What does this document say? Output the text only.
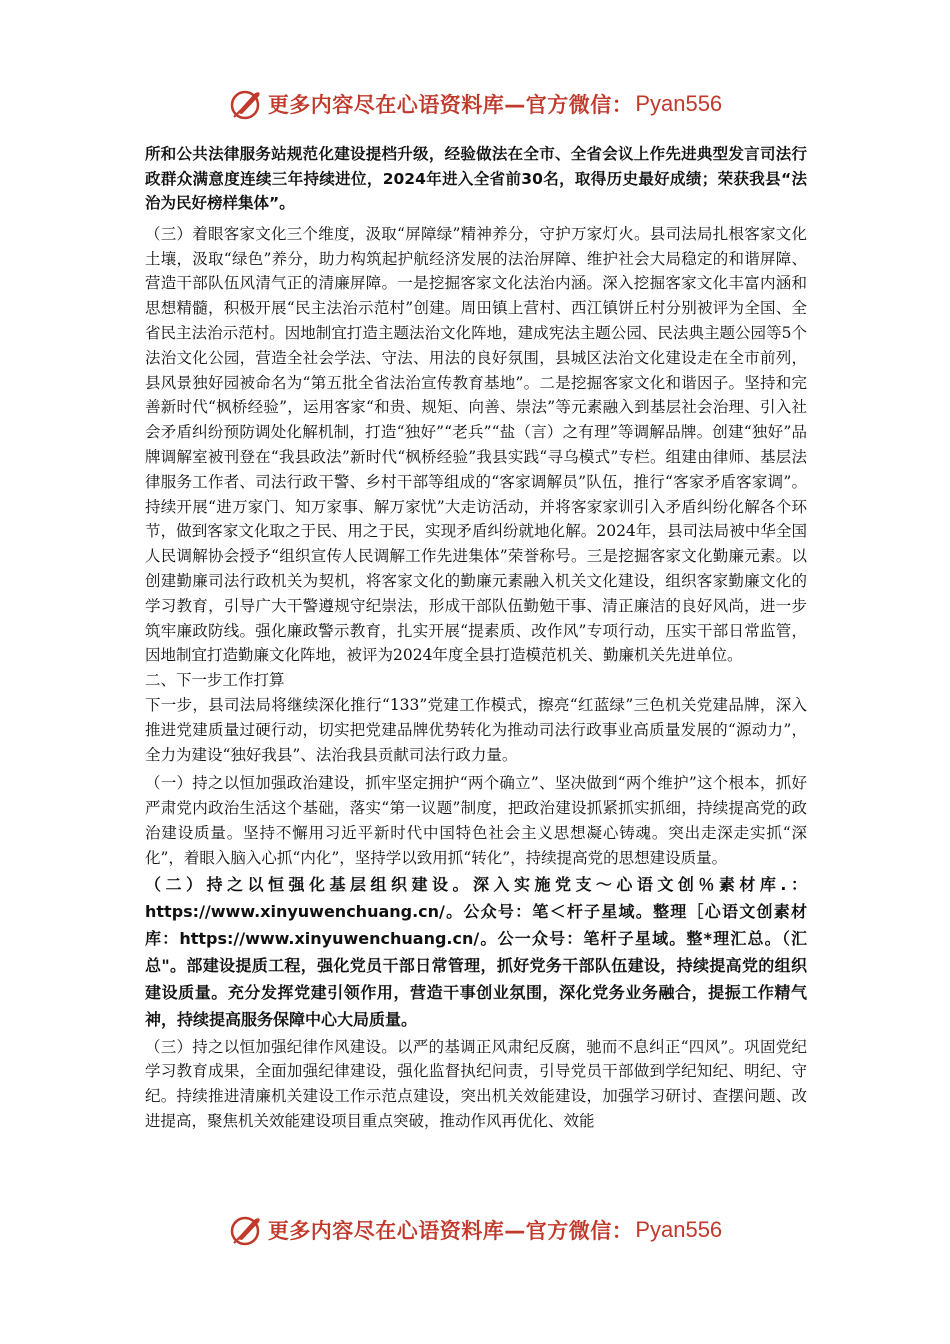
更多内容尽在心语资料库—官方微信： Pyan556

所和公共法律服务站规范化建设提档升级，经验做法在全市、全省会议上作先进典型发言司法行政群众满意度连续三年持续进位，2024年进入全省前30名，取得历史最好成绩；荣获我县“法治为民好榜样集体”。

（三）着眼客家文化三个维度，汲取“屏障绿”精神养分，守护万家灯火。县司法局扎根客家文化土壤，汲取“绿色”养分，助力构筑起护航经济发展的法治屏障、维护社会大局稳定的和谐屏障、营造干部队伍风清气正的清廉屏障。一是挖掘客家文化法治内涵。深入挖掘客家文化丰富内涵和思想精髓，积极开展“民主法治示范村”创建。周田镇上营村、西江镇饼丘村分别被评为全国、全省民主法治示范村。因地制宜打造主题法治文化阵地，建成宪法主题公园、民法典主题公园等5个法治文化公园，营造全社会学法、守法、用法的良好氛围，县城区法治文化建设走在全市前列，县风景独好园被命名为“第五批全省法治宣传教育基地”。二是挖掘客家文化和谐因子。坚持和完善新时代“枫桥经验”，运用客家“和贵、规矩、向善、崇法”等元素融入到基层社会治理、引入社会矛盾纠纷预防调处化解机制，打造“独好”“老兵”“盐（言）之有理”等调解品牌。创建“独好”品牌调解室被刊登在“我县政法”新时代“枫桥经验”我县实践“寻乌模式”专栏。组建由律师、基层法律服务工作者、司法行政干警、乡村干部等组成的“客家调解员”队伍，推行“客家矛盾客家调”。持续开展“进万家门、知万家事、解万家忧”大走访活动，并将客家家训引入矛盾纠纷化解各个环节，做到客家文化取之于民、用之于民，实现矛盾纠纷就地化解。2024年，县司法局被中华全国人民调解协会授予“组织宣传人民调解工作先进集体”荣誉称号。三是挖掘客家文化勤廉元素。以创建勤廉司法行政机关为契机，将客家文化的勤廉元素融入机关文化建设，组织客家勤廉文化的学习教育，引导广大干警遵规守纪崇法，形成干部队伍勤勉干事、清正廉洁的良好风尚，进一步筑牢廉政防线。强化廉政警示教育，扎实开展“提素质、改作风”专项行动，压实干部日常监管，因地制宜打造勤廉文化阵地，被评为2024年度全县打造模范机关、勤廉机关先进单位。

二、下一步工作打算

下一步，县司法局将继续深化推行“133”党建工作模式，擦亮“红蓝绿”三色机关党建品牌，深入推进党建质量过硬行动，切实把党建品牌优势转化为推动司法行政事业高质量发展的“源动力”，全力为建设“独好我县”、法治我县贡献司法行政力量。

（一）持之以恒加强政治建设，抓牢坚定拥护“两个确立”、坚决做到“两个维护”这个根本，抓好严肃党内政治生活这个基础，落实“第一议题”制度，把政治建设抓紧抓实抓细，持续提高党的政治建设质量。坚持不懈用习近平新时代中国特色社会主义思想凝心铸魂。突出走深走实抓“深化”，着眼入脑入心抓“内化”，坚持学以致用抓“转化”，持续提高党的思想建设质量。

（二）持之以恒强化基层组织建设。深入实施党支～心语文创％素材库.：https://www.xinyuwenchuang.cn/。公众号：笔＜杆子星域。整理［心语文创素材库：https://www.xinyuwenchuang.cn/。公一众号：笔杆子星域。整*理汇总。（汇总"。部建设提质工程，强化党员干部日常管理，抓好党务干部队伍建设，持续提高党的组织建设质量。充分发挥党建引领作用，营造干事创业氛围，深化党务业务融合，提振工作精气神，持续提高服务保障中心大局质量。

（三）持之以恒加强纪律作风建设。以严的基调正风肃纪反腐，驰而不息纠正“四风”。巩固党纪学习教育成果，全面加强纪律建设，强化监督执纪问责，引导党员干部做到学纪知纪、明纪、守纪。持续推进清廉机关建设工作示范点建设，突出机关效能建设，加强学习研讨、查摆问题、改进提高，聚焦机关效能建设项目重点突破，推动作风再优化、效能

更多内容尽在心语资料库—官方微信： Pyan556
